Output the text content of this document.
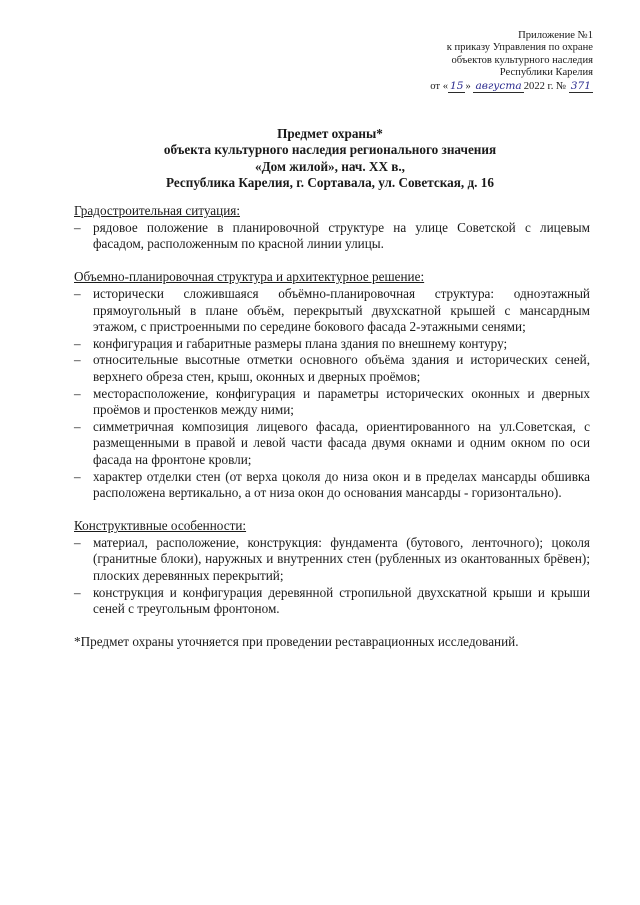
Приложение №1
к приказу Управления по охране
объектов культурного наследия
Республики Карелия
от « 15 » августа 2022 г. № 371
Предмет охраны*
объекта культурного наследия регионального значения
«Дом жилой», нач. XX в.,
Республика Карелия, г. Сортавала, ул. Советская, д. 16

Градостроительная ситуация:

– рядовое положение в планировочной структуре на улице Советской с лицевым фасадом, расположенным по красной линии улицы.

Объемно-планировочная структура и архитектурное решение:

– исторически сложившаяся объёмно-планировочная структура: одноэтажный прямоугольный в плане объём, перекрытый двухскатной крышей с мансардным этажом, с пристроенными по середине бокового фасада 2-этажными сенями;
– конфигурация и габаритные размеры плана здания по внешнему контуру;
– относительные высотные отметки основного объёма здания и исторических сеней, верхнего обреза стен, крыш, оконных и дверных проёмов;
– месторасположение, конфигурация и параметры исторических оконных и дверных проёмов и простенков между ними;
– симметричная композиция лицевого фасада, ориентированного на ул.Советская, с размещенными в правой и левой части фасада двумя окнами и одним окном по оси фасада на фронтоне кровли;
– характер отделки стен (от верха цоколя до низа окон и в пределах мансарды обшивка расположена вертикально, а от низа окон до основания мансарды - горизонтально).

Конструктивные особенности:

– материал, расположение, конструкция: фундамента (бутового, ленточного); цоколя (гранитные блоки), наружных и внутренних стен (рубленных из окантованных брёвен); плоских деревянных перекрытий;
– конструкция и конфигурация деревянной стропильной двухскатной крыши и крыши сеней с треугольным фронтоном.

*Предмет охраны уточняется при проведении реставрационных исследований.
